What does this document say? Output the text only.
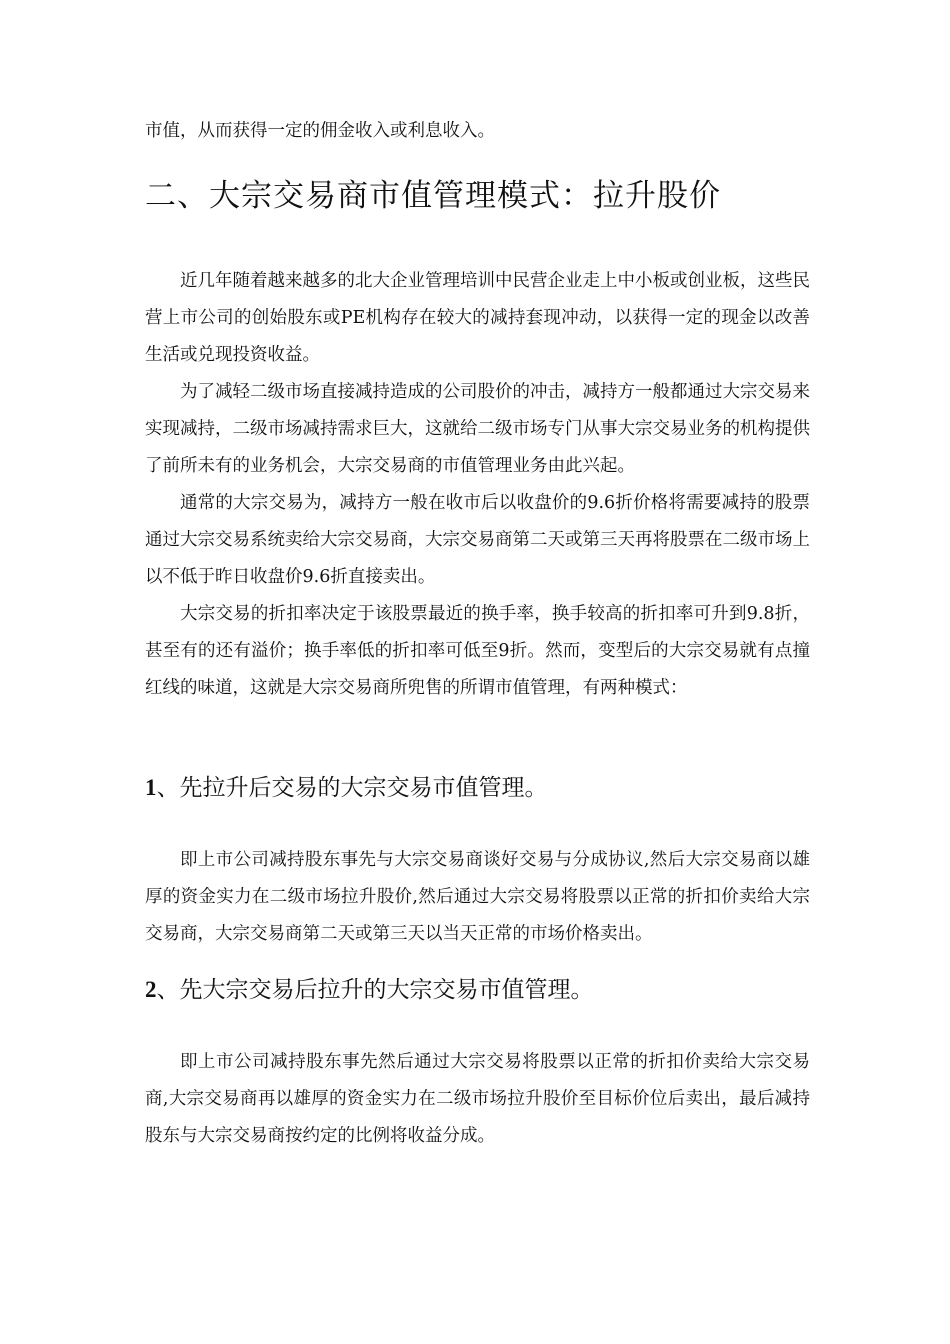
市值，从而获得一定的佣金收入或利息收入。

二、大宗交易商市值管理模式：拉升股价

近几年随着越来越多的北大企业管理培训中民营企业走上中小板或创业板，这些民营上市公司的创始股东或PE机构存在较大的减持套现冲动，以获得一定的现金以改善生活或兑现投资收益。

为了减轻二级市场直接减持造成的公司股价的冲击，减持方一般都通过大宗交易来实现减持，二级市场减持需求巨大，这就给二级市场专门从事大宗交易业务的机构提供了前所未有的业务机会，大宗交易商的市值管理业务由此兴起。

通常的大宗交易为，减持方一般在收市后以收盘价的9.6折价格将需要减持的股票通过大宗交易系统卖给大宗交易商，大宗交易商第二天或第三天再将股票在二级市场上以不低于昨日收盘价9.6折直接卖出。

大宗交易的折扣率决定于该股票最近的换手率，换手较高的折扣率可升到9.8折，甚至有的还有溢价；换手率低的折扣率可低至9折。然而，变型后的大宗交易就有点撞红线的味道，这就是大宗交易商所兜售的所谓市值管理，有两种模式：

1、先拉升后交易的大宗交易市值管理。

即上市公司减持股东事先与大宗交易商谈好交易与分成协议,然后大宗交易商以雄厚的资金实力在二级市场拉升股价,然后通过大宗交易将股票以正常的折扣价卖给大宗交易商，大宗交易商第二天或第三天以当天正常的市场价格卖出。

2、先大宗交易后拉升的大宗交易市值管理。

即上市公司减持股东事先然后通过大宗交易将股票以正常的折扣价卖给大宗交易商,大宗交易商再以雄厚的资金实力在二级市场拉升股价至目标价位后卖出，最后减持股东与大宗交易商按约定的比例将收益分成。
